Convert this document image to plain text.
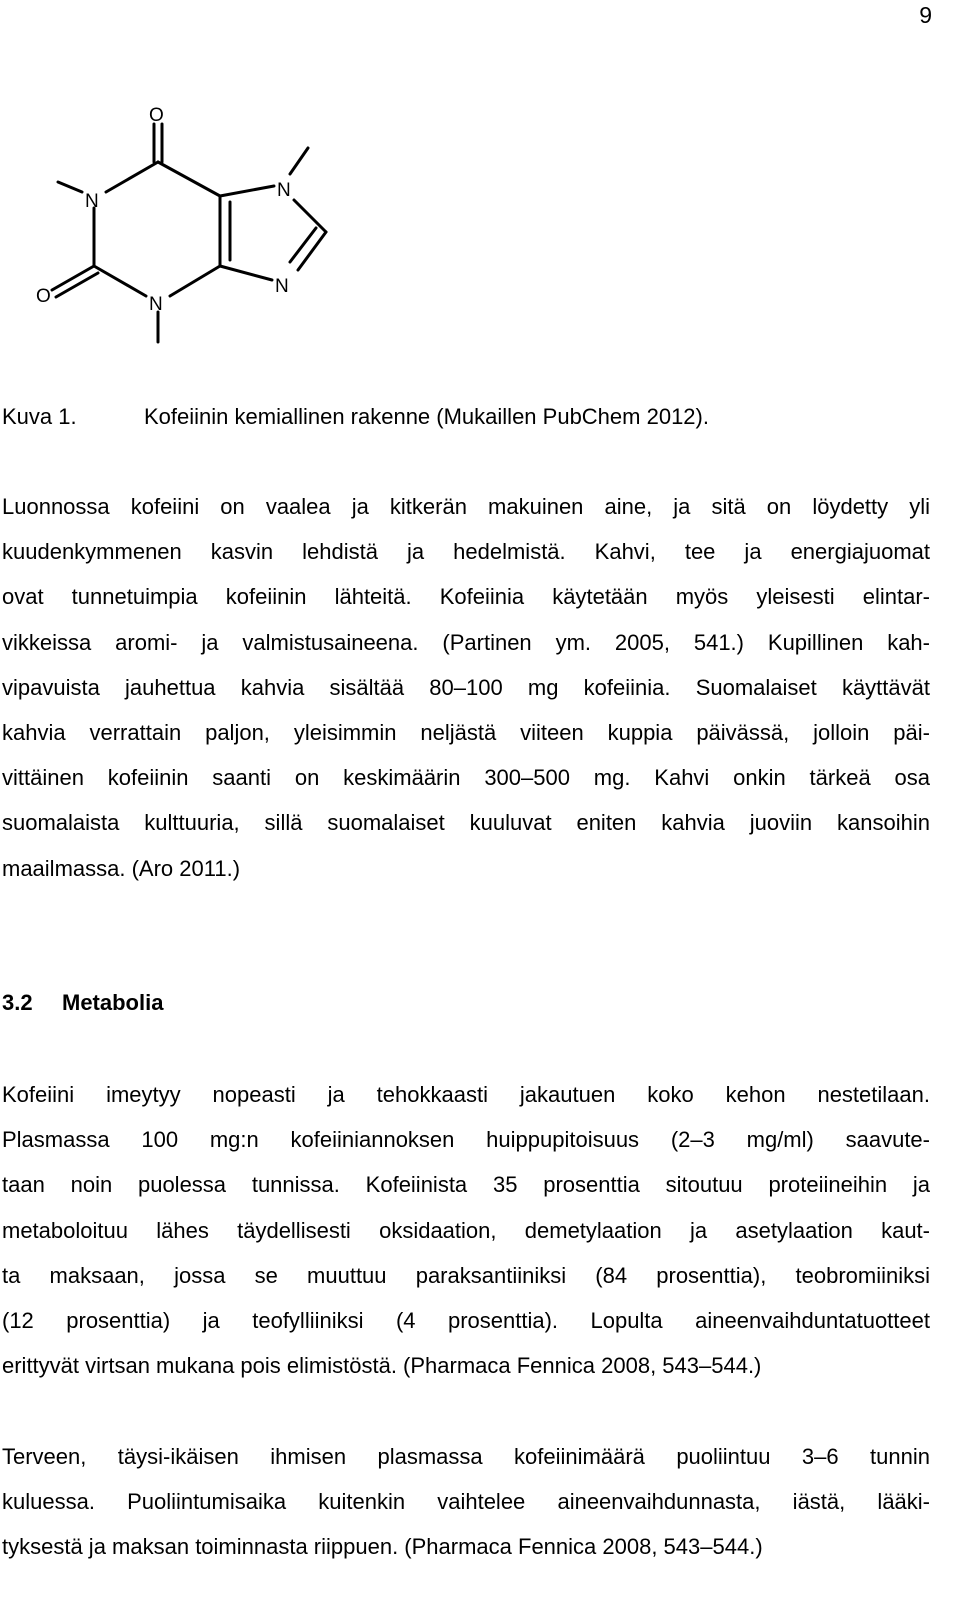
9
O
O
N
N
N
N
Kuva 1.	Kofeiinin kemiallinen rakenne (Mukaillen PubChem 2012).

Luonnossa kofeiini on vaalea ja kitkerän makuinen aine, ja sitä on löydetty yli
kuudenkymmenen kasvin lehdistä ja hedelmistä. Kahvi, tee ja energiajuomat
ovat tunnetuimpia kofeiinin lähteitä. Kofeiinia käytetään myös yleisesti elintar-
vikkeissa aromi- ja valmistusaineena. (Partinen ym. 2005, 541.) Kupillinen kah-
vipavuista jauhettua kahvia sisältää 80–100 mg kofeiinia. Suomalaiset käyttävät
kahvia verrattain paljon, yleisimmin neljästä viiteen kuppia päivässä, jolloin päi-
vittäinen kofeiinin saanti on keskimäärin 300–500 mg. Kahvi onkin tärkeä osa
suomalaista kulttuuria, sillä suomalaiset kuuluvat eniten kahvia juoviin kansoihin
maailmassa. (Aro 2011.)

3.2 Metabolia

Kofeiini imeytyy nopeasti ja tehokkaasti jakautuen koko kehon nestetilaan.
Plasmassa 100 mg:n kofeiiniannoksen huippupitoisuus (2–3 mg/ml) saavute-
taan noin puolessa tunnissa. Kofeiinista 35 prosenttia sitoutuu proteiineihin ja
metaboloituu lähes täydellisesti oksidaation, demetylaation ja asetylaation kaut-
ta maksaan, jossa se muuttuu paraksantiiniksi (84 prosenttia), teobromiiniksi
(12 prosenttia) ja teofylliiniksi (4 prosenttia). Lopulta aineenvaihduntatuotteet
erittyvät virtsan mukana pois elimistöstä. (Pharmaca Fennica 2008, 543–544.)

Terveen, täysi-ikäisen ihmisen plasmassa kofeiinimäärä puoliintuu 3–6 tunnin
kuluessa. Puoliintumisaika kuitenkin vaihtelee aineenvaihdunnasta, iästä, lääki-
tyksestä ja maksan toiminnasta riippuen. (Pharmaca Fennica 2008, 543–544.)
